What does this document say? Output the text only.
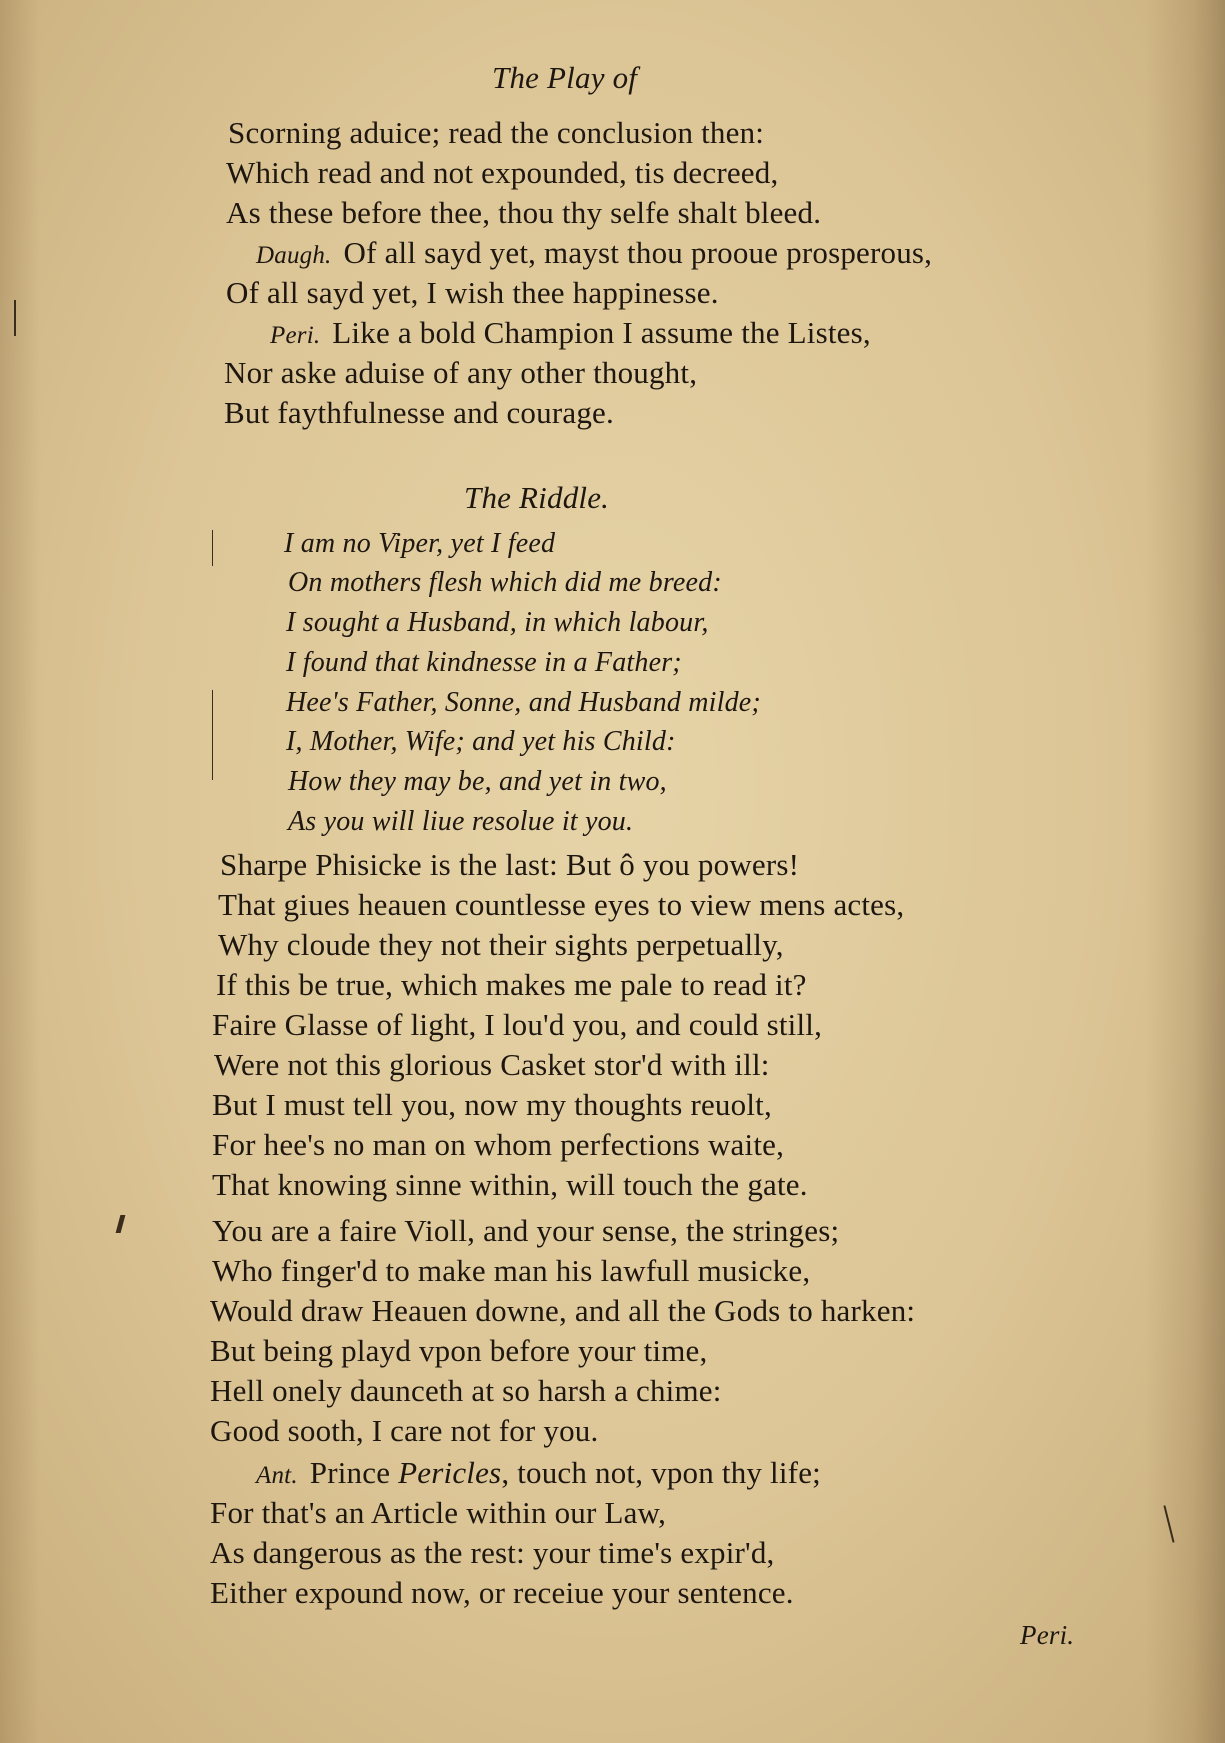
The Play of
Scorning aduice; read the conclusion then:
Which read and not expounded, tis decreed,
As these before thee, thou thy selfe shalt bleed.
Daugh. Of all sayd yet, mayst thou prooue prosperous,
Of all sayd yet, I wish thee happinesse.
Peri. Like a bold Champion I assume the Listes,
Nor aske aduise of any other thought,
But faythfulnesse and courage.
The Riddle.
I am no Viper, yet I feed
On mothers flesh which did me breed:
I sought a Husband, in which labour,
I found that kindnesse in a Father;
Hee's Father, Sonne, and Husband milde;
I, Mother, Wife; and yet his Child:
How they may be, and yet in two,
As you will liue resolue it you.
Sharpe Phisicke is the last: But ô you powers!
That giues heauen countlesse eyes to view mens actes,
Why cloude they not their sights perpetually,
If this be true, which makes me pale to read it?
Faire Glasse of light, I lou'd you, and could still,
Were not this glorious Casket stor'd with ill:
But I must tell you, now my thoughts reuolt,
For hee's no man on whom perfections waite,
That knowing sinne within, will touch the gate.
You are a faire Violl, and your sense, the stringes;
Who finger'd to make man his lawfull musicke,
Would draw Heauen downe, and all the Gods to harken:
But being playd vpon before your time,
Hell onely daunceth at so harsh a chime:
Good sooth, I care not for you.
Ant. Prince Pericles, touch not, vpon thy life;
For that's an Article within our Law,
As dangerous as the rest: your time's expir'd,
Either expound now, or receiue your sentence.
Peri.
